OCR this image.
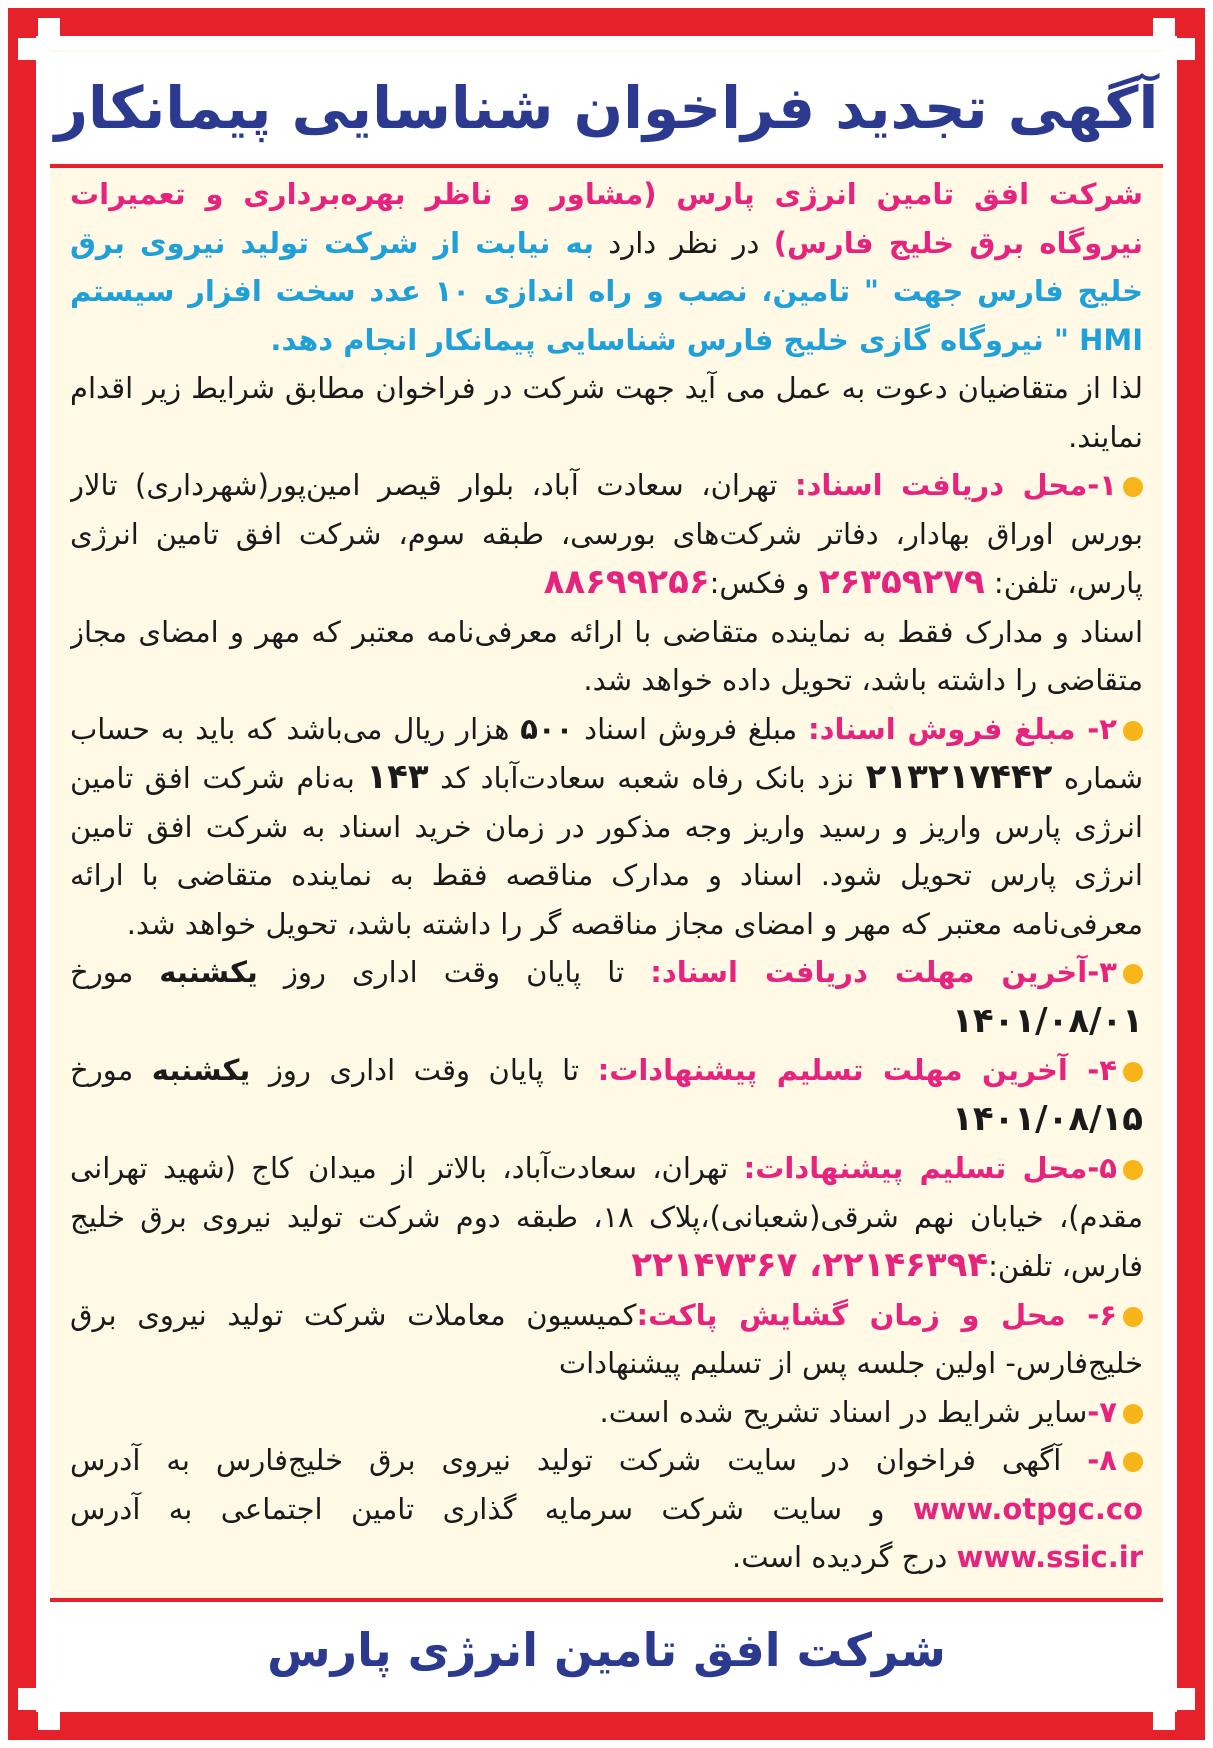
آگهی تجدید فراخوان شناسایی پیمانکار

شرکت افق تامین انرژی پارس (مشاور و ناظر بهره‌برداری و تعمیرات نیروگاه برق خلیج فارس) در نظر دارد به نیابت از شرکت تولید نیروی برق خلیج فارس جهت " تامین، نصب و راه اندازی ۱۰ عدد سخت افزار سیستم HMI " نیروگاه گازی خلیج فارس شناسایی پیمانکار انجام دهد.

لذا از متقاضیان دعوت به عمل می آید جهت شرکت در فراخوان مطابق شرایط زیر اقدام نمایند.

۱-محل دریافت اسناد: تهران، سعادت آباد، بلوار قیصر امین‌پور(شهرداری) تالار بورس اوراق بهادار، دفاتر شرکت‌های بورسی، طبقه سوم، شرکت افق تامین انرژی پارس، تلفن: ۲۶۳۵۹۲۷۹ و فکس:۸۸۶۹۹۲۵۶

اسناد و مدارک فقط به نماینده متقاضی با ارائه معرفی‌نامه معتبر که مهر و امضای مجاز متقاضی را داشته باشد، تحویل داده خواهد شد.

۲- مبلغ فروش اسناد: مبلغ فروش اسناد ۵۰۰ هزار ریال می‌باشد که باید به حساب شماره ۲۱۳۲۱۷۴۴۲ نزد بانک رفاه شعبه سعادت‌آباد کد ۱۴۳ به‌نام شرکت افق تامین انرژی پارس واریز و رسید واریز وجه مذکور در زمان خرید اسناد به شرکت افق تامین انرژی پارس تحویل شود. اسناد و مدارک مناقصه فقط به نماینده متقاضی با ارائه معرفی‌نامه معتبر که مهر و امضای مجاز مناقصه گر را داشته باشد، تحویل خواهد شد.

۳-آخرین مهلت دریافت اسناد: تا پایان وقت اداری روز یکشنبه مورخ ۱۴۰۱/۰۸/۰۱

۴- آخرین مهلت تسلیم پیشنهادات: تا پایان وقت اداری روز یکشنبه مورخ ۱۴۰۱/۰۸/۱۵

۵-محل تسلیم پیشنهادات: تهران، سعادت‌آباد، بالاتر از میدان کاج (شهید تهرانی مقدم)، خیابان نهم شرقی(شعبانی)،پلاک ۱۸، طبقه دوم شرکت تولید نیروی برق خلیج فارس، تلفن:۲۲۱۴۶۳۹۴، ۲۲۱۴۷۳۶۷

۶- محل و زمان گشایش پاکت:کمیسیون معاملات شرکت تولید نیروی برق خلیج‌فارس- اولین جلسه پس از تسلیم پیشنهادات

۷-سایر شرایط در اسناد تشریح شده است.

۸- آگهی فراخوان در سایت شرکت تولید نیروی برق خلیج‌فارس به آدرس www.otpgc.co و سایت شرکت سرمایه گذاری تامین اجتماعی به آدرس www.ssic.ir درج گردیده است.

شرکت افق تامین انرژی پارس
